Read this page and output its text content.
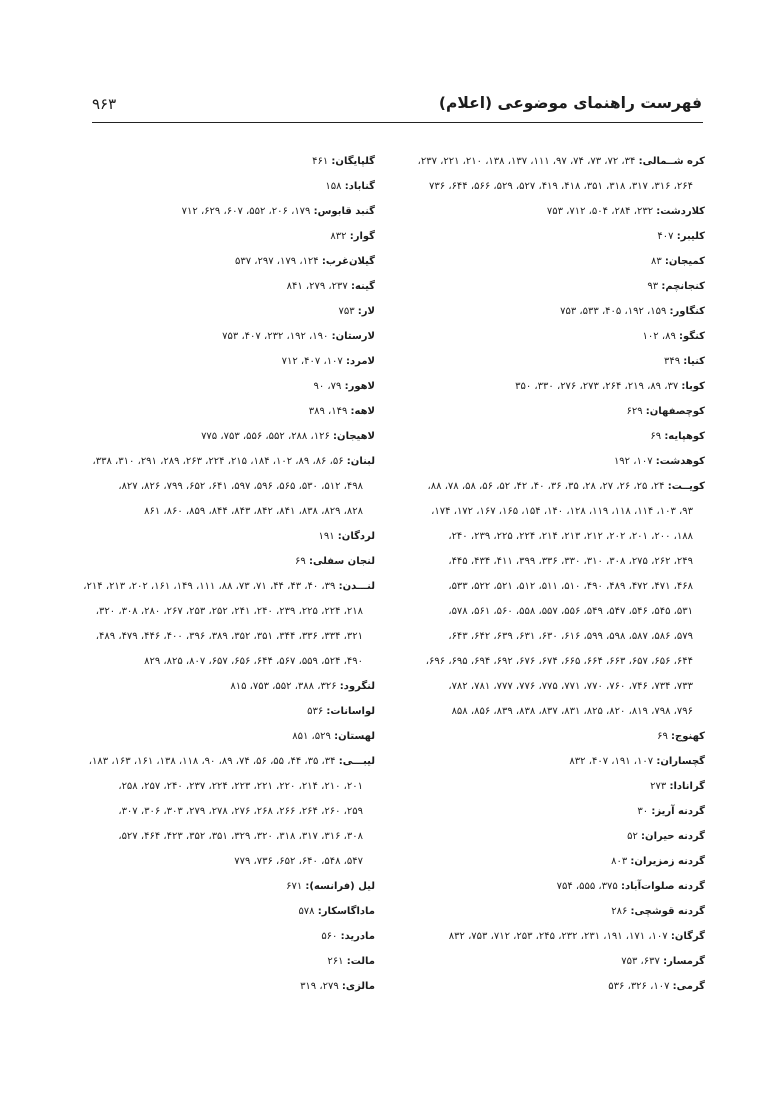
فهرست راهنمای موضوعی (اعلام)
۹۶۳
کره شــمالی: ۳۴، ۷۲، ۷۳، ۷۴، ۹۷، ۱۱۱، ۱۳۷، ۱۳۸، ۲۱۰، ۲۲۱، ۲۳۷،
۲۶۴، ۳۱۶، ۳۱۷، ۳۱۸، ۳۵۱، ۴۱۸، ۴۱۹، ۵۲۷، ۵۲۹، ۵۶۶، ۶۴۴، ۷۳۶
کلاردشت: ۲۳۲، ۲۸۴، ۵۰۴، ۷۱۲، ۷۵۳
کلیبر: ۴۰۷
کمیجان: ۸۳
کنجانچم: ۹۳
کنگاور: ۱۵۹، ۱۹۲، ۴۰۵، ۵۳۳، ۷۵۳
کنگو: ۸۹، ۱۰۲
کنیا: ۳۴۹
کوبا: ۳۷، ۸۹، ۲۱۹، ۲۶۴، ۲۷۳، ۲۷۶، ۳۳۰، ۳۵۰
کوچصفهان: ۶۲۹
کوهپایه: ۶۹
کوهدشت: ۱۰۷، ۱۹۲
کویــت: ۲۴، ۲۵، ۲۶، ۲۷، ۲۸، ۳۵، ۳۶، ۴۰، ۴۲، ۵۲، ۵۶، ۵۸، ۷۸، ۸۸،
۹۳، ۱۰۳، ۱۱۴، ۱۱۸، ۱۱۹، ۱۲۸، ۱۴۰، ۱۵۴، ۱۶۵، ۱۶۷، ۱۷۲، ۱۷۴،
۱۸۸، ۲۰۰، ۲۰۱، ۲۰۲، ۲۱۲، ۲۱۳، ۲۱۴، ۲۲۴، ۲۲۵، ۲۳۹، ۲۴۰،
۲۴۹، ۲۶۲، ۲۷۵، ۳۰۸، ۳۱۰، ۳۳۰، ۳۳۶، ۳۹۹، ۴۱۱، ۴۳۴، ۴۴۵،
۴۶۸، ۴۷۱، ۴۷۲، ۴۸۹، ۴۹۰، ۵۱۰، ۵۱۱، ۵۱۲، ۵۲۱، ۵۲۲، ۵۳۳،
۵۳۱، ۵۴۵، ۵۴۶، ۵۴۷، ۵۴۹، ۵۵۶، ۵۵۷، ۵۵۸، ۵۶۰، ۵۶۱، ۵۷۸،
۵۷۹، ۵۸۶، ۵۸۷، ۵۹۸، ۵۹۹، ۶۱۶، ۶۳۰، ۶۳۱، ۶۳۹، ۶۴۲، ۶۴۳،
۶۴۴، ۶۵۶، ۶۵۷، ۶۶۳، ۶۶۴، ۶۶۵، ۶۷۴، ۶۷۶، ۶۹۲، ۶۹۴، ۶۹۵، ۶۹۶،
۷۳۳، ۷۳۴، ۷۴۶، ۷۶۰، ۷۷۰، ۷۷۱، ۷۷۵، ۷۷۶، ۷۷۷، ۷۸۱، ۷۸۲،
۷۹۶، ۷۹۸، ۸۱۹، ۸۲۰، ۸۲۵، ۸۳۱، ۸۳۷، ۸۳۸، ۸۳۹، ۸۵۶، ۸۵۸
کهنوج: ۶۹
گچساران: ۱۰۷، ۱۹۱، ۴۰۷، ۸۳۲
گرانادا: ۲۷۳
گردنه آریز: ۳۰
گردنه حیران: ۵۲
گردنه زمزیران: ۸۰۳
گردنه صلوات‌آباد: ۳۷۵، ۵۵۵، ۷۵۴
گردنه قوشچی: ۲۸۶
گرگان: ۱۰۷، ۱۷۱، ۱۹۱، ۲۳۱، ۲۳۲، ۲۴۵، ۲۵۳، ۷۱۲، ۷۵۳، ۸۳۲
گرمسار: ۶۳۷، ۷۵۳
گرمی: ۱۰۷، ۳۲۶، ۵۳۶
گلپایگان: ۴۶۱
گناباد: ۱۵۸
گنبد قابوس: ۱۷۹، ۲۰۶، ۵۵۲، ۶۰۷، ۶۲۹، ۷۱۲
گوار: ۸۳۲
گیلان‌غرب: ۱۲۴، ۱۷۹، ۲۹۷، ۵۳۷
گینه: ۲۳۷، ۲۷۹، ۸۴۱
لار: ۷۵۳
لارستان: ۱۹۰، ۱۹۲، ۲۳۲، ۴۰۷، ۷۵۳
لامرد: ۱۰۷، ۴۰۷، ۷۱۲
لاهور: ۷۹، ۹۰
لاهه: ۱۴۹، ۳۸۹
لاهیجان: ۱۲۶، ۲۸۸، ۵۵۲، ۵۵۶، ۷۵۳، ۷۷۵
لبنان: ۵۶، ۸۶، ۸۹، ۱۰۲، ۱۸۴، ۲۱۵، ۲۲۴، ۲۶۳، ۲۸۹، ۲۹۱، ۳۱۰، ۳۳۸،
۴۹۸، ۵۱۲، ۵۳۰، ۵۶۵، ۵۹۶، ۵۹۷، ۶۴۱، ۶۵۲، ۷۹۹، ۸۲۶، ۸۲۷،
۸۲۸، ۸۲۹، ۸۳۸، ۸۴۱، ۸۴۲، ۸۴۳، ۸۴۴، ۸۵۹، ۸۶۰، ۸۶۱
لردگان: ۱۹۱
لنجان سفلی: ۶۹
لنـــدن: ۳۹، ۴۰، ۴۳، ۴۴، ۷۱، ۷۳، ۸۸، ۱۱۱، ۱۴۹، ۱۶۱، ۲۰۲، ۲۱۳، ۲۱۴،
۲۱۸، ۲۲۴، ۲۲۵، ۲۳۹، ۲۴۰، ۲۴۱، ۲۵۲، ۲۵۳، ۲۶۷، ۲۸۰، ۳۰۸، ۳۲۰،
۳۲۱، ۳۳۴، ۳۳۶، ۳۴۴، ۳۵۱، ۳۵۲، ۳۸۹، ۳۹۶، ۴۰۰، ۴۴۶، ۴۷۹، ۴۸۹،
۴۹۰، ۵۲۴، ۵۵۹، ۵۶۷، ۶۴۴، ۶۵۶، ۶۵۷، ۸۰۷، ۸۲۵، ۸۲۹
لنگرود: ۳۲۶، ۳۸۸، ۵۵۲، ۷۵۳، ۸۱۵
لواسانات: ۵۳۶
لهستان: ۵۲۹، ۸۵۱
لیبـــی: ۳۴، ۳۵، ۴۴، ۵۵، ۵۶، ۷۴، ۸۹، ۹۰، ۱۱۸، ۱۳۸، ۱۶۱، ۱۶۳، ۱۸۳،
۲۰۱، ۲۱۰، ۲۱۴، ۲۲۰، ۲۲۱، ۲۲۳، ۲۲۴، ۲۳۷، ۲۴۰، ۲۵۷، ۲۵۸،
۲۵۹، ۲۶۰، ۲۶۴، ۲۶۶، ۲۶۸، ۲۷۶، ۲۷۸، ۲۷۹، ۳۰۳، ۳۰۶، ۳۰۷،
۳۰۸، ۳۱۶، ۳۱۷، ۳۱۸، ۳۲۰، ۳۲۹، ۳۵۱، ۳۵۲، ۴۲۳، ۴۶۴، ۵۲۷،
۵۴۷، ۵۴۸، ۶۴۰، ۶۵۲، ۷۳۶، ۷۷۹
لیل (فرانسه): ۶۷۱
ماداگاسکار: ۵۷۸
مادرید: ۵۶۰
مالت: ۲۶۱
مالزی: ۲۷۹، ۳۱۹
